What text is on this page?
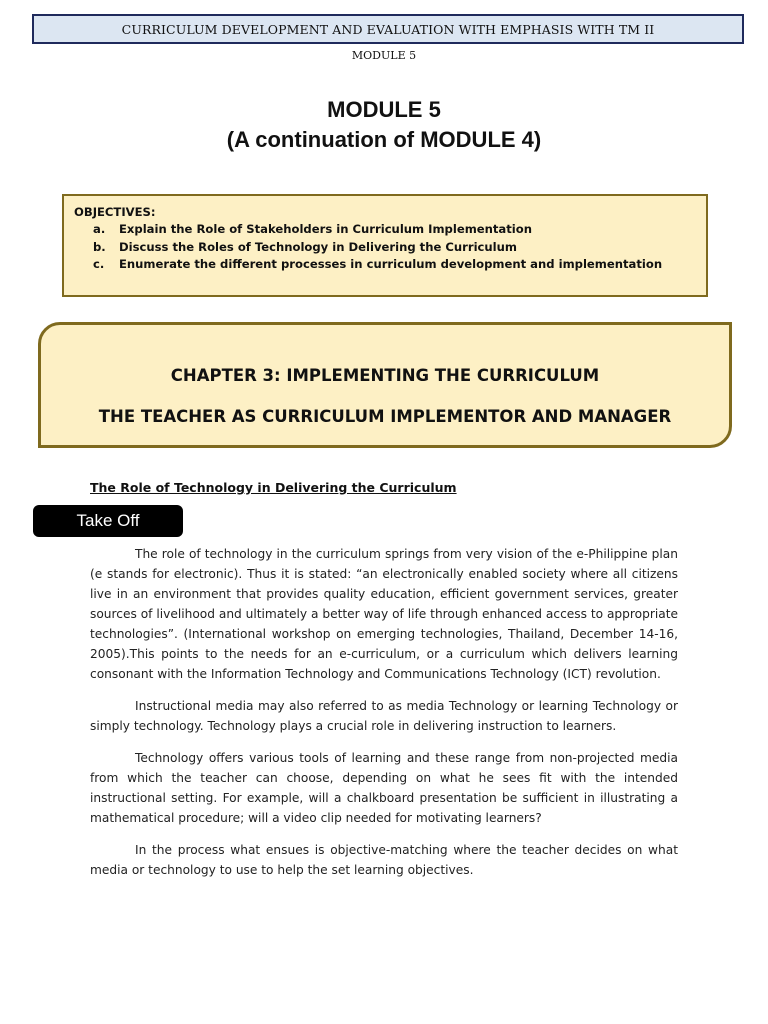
CURRICULUM DEVELOPMENT AND EVALUATION WITH EMPHASIS WITH TM II
MODULE 5
MODULE 5
(A continuation of MODULE 4)
OBJECTIVES:
a. Explain the Role of Stakeholders in Curriculum Implementation
b. Discuss the Roles of Technology in Delivering the Curriculum
c. Enumerate the different processes in curriculum development and implementation
CHAPTER 3: IMPLEMENTING THE CURRICULUM
THE TEACHER AS CURRICULUM IMPLEMENTOR AND MANAGER
The Role of Technology in Delivering the Curriculum
Take Off

The role of technology in the curriculum springs from very vision of the e-Philippine plan (e stands for electronic). Thus it is stated: “an electronically enabled society where all citizens live in an environment that provides quality education, efficient government services, greater sources of livelihood and ultimately a better way of life through enhanced access to appropriate technologies”. (International workshop on emerging technologies, Thailand, December 14-16, 2005).This points to the needs for an e-curriculum, or a curriculum which delivers learning consonant with the Information Technology and Communications Technology (ICT) revolution.

Instructional media may also referred to as media Technology or learning Technology or simply technology. Technology plays a crucial role in delivering instruction to learners.

Technology offers various tools of learning and these range from non-projected media from which the teacher can choose, depending on what he sees fit with the intended instructional setting. For example, will a chalkboard presentation be sufficient in illustrating a mathematical procedure; will a video clip needed for motivating learners?

In the process what ensues is objective-matching where the teacher decides on what media or technology to use to help the set learning objectives.
